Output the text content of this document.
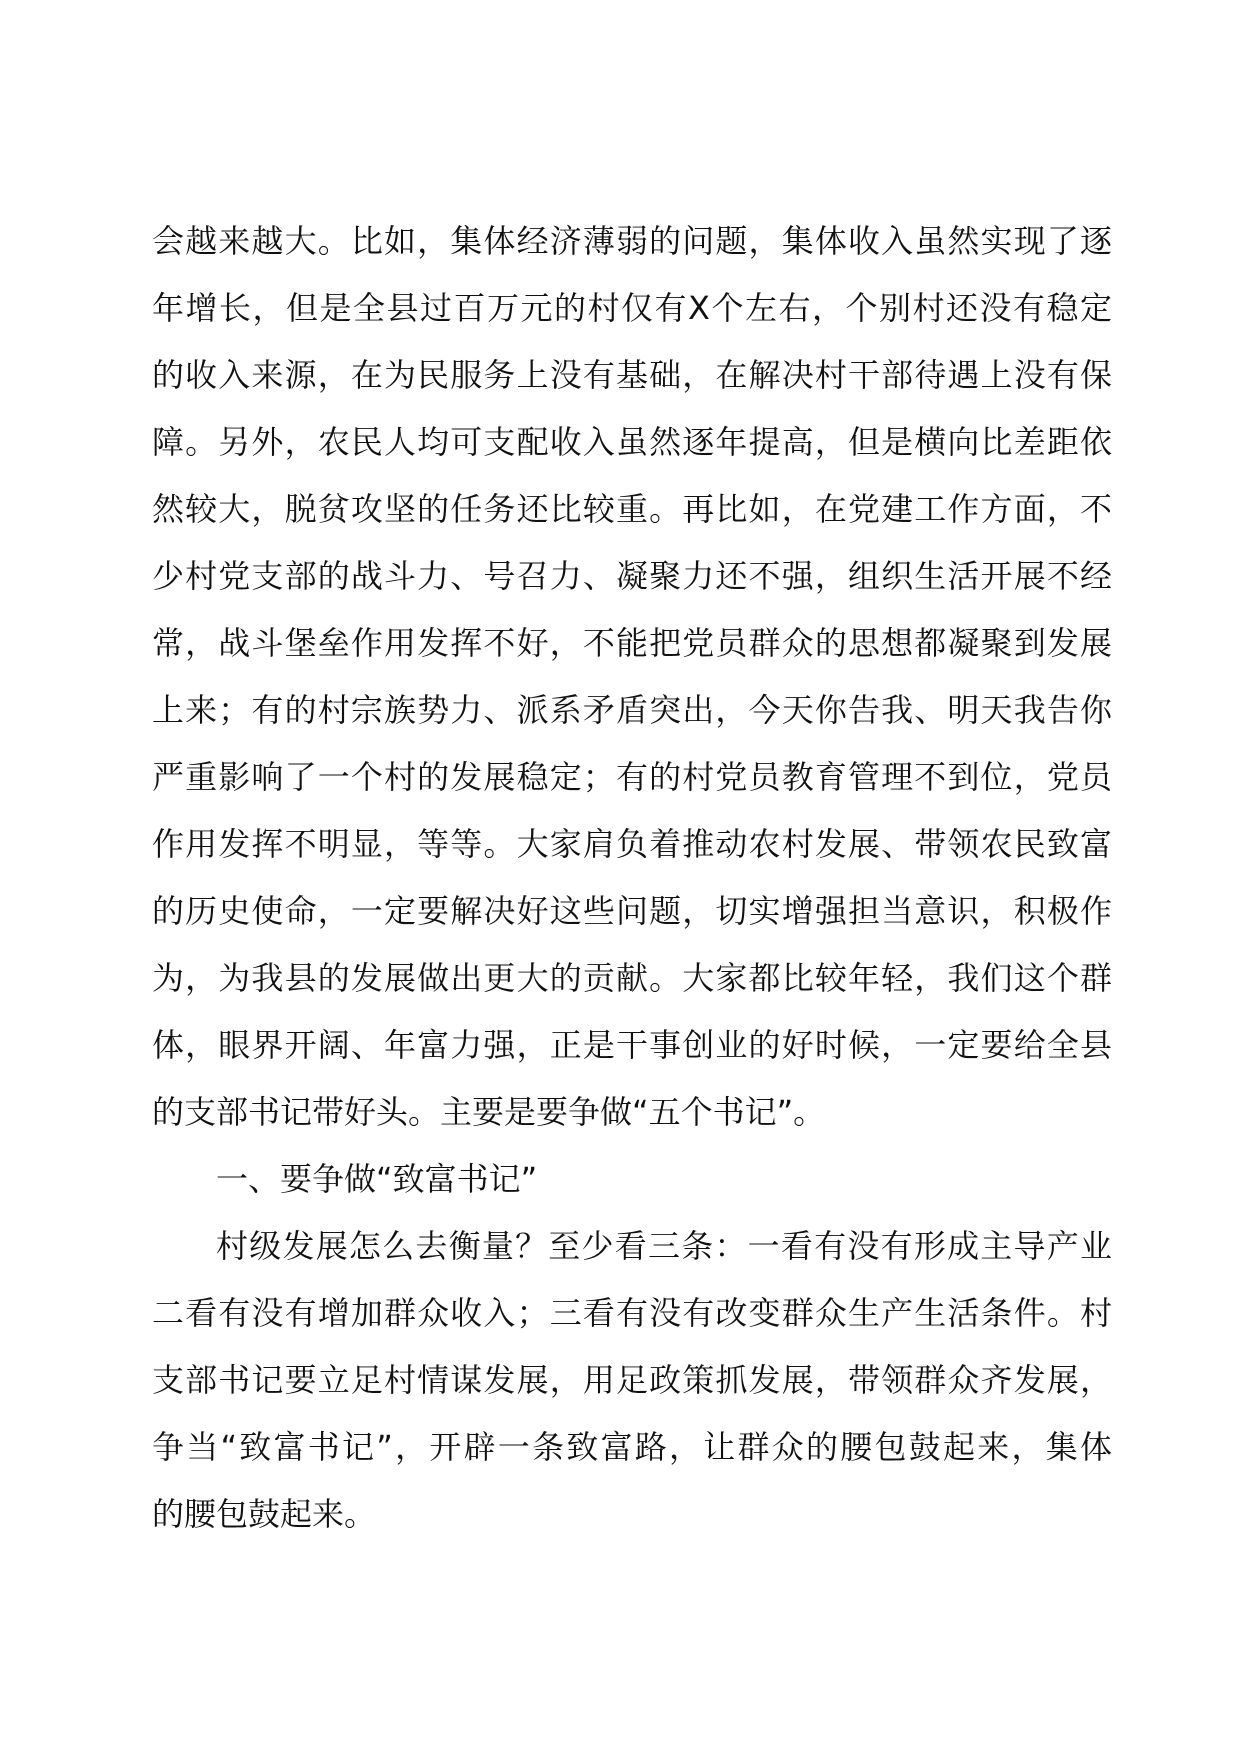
会越来越大。比如，集体经济薄弱的问题，集体收入虽然实现了逐
年增长，但是全县过百万元的村仅有X个左右，个别村还没有稳定
的收入来源，在为民服务上没有基础，在解决村干部待遇上没有保
障。另外，农民人均可支配收入虽然逐年提高，但是横向比差距依
然较大，脱贫攻坚的任务还比较重。再比如，在党建工作方面，不
少村党支部的战斗力、号召力、凝聚力还不强，组织生活开展不经
常，战斗堡垒作用发挥不好，不能把党员群众的思想都凝聚到发展
上来；有的村宗族势力、派系矛盾突出，今天你告我、明天我告你
严重影响了一个村的发展稳定；有的村党员教育管理不到位，党员
作用发挥不明显，等等。大家肩负着推动农村发展、带领农民致富
的历史使命，一定要解决好这些问题，切实增强担当意识，积极作
为，为我县的发展做出更大的贡献。大家都比较年轻，我们这个群
体，眼界开阔、年富力强，正是干事创业的好时候，一定要给全县
的支部书记带好头。主要是要争做“五个书记”。
一、要争做“致富书记”
村级发展怎么去衡量？至少看三条：一看有没有形成主导产业
二看有没有增加群众收入；三看有没有改变群众生产生活条件。村
支部书记要立足村情谋发展，用足政策抓发展，带领群众齐发展，
争当“致富书记”，开辟一条致富路，让群众的腰包鼓起来，集体
的腰包鼓起来。
